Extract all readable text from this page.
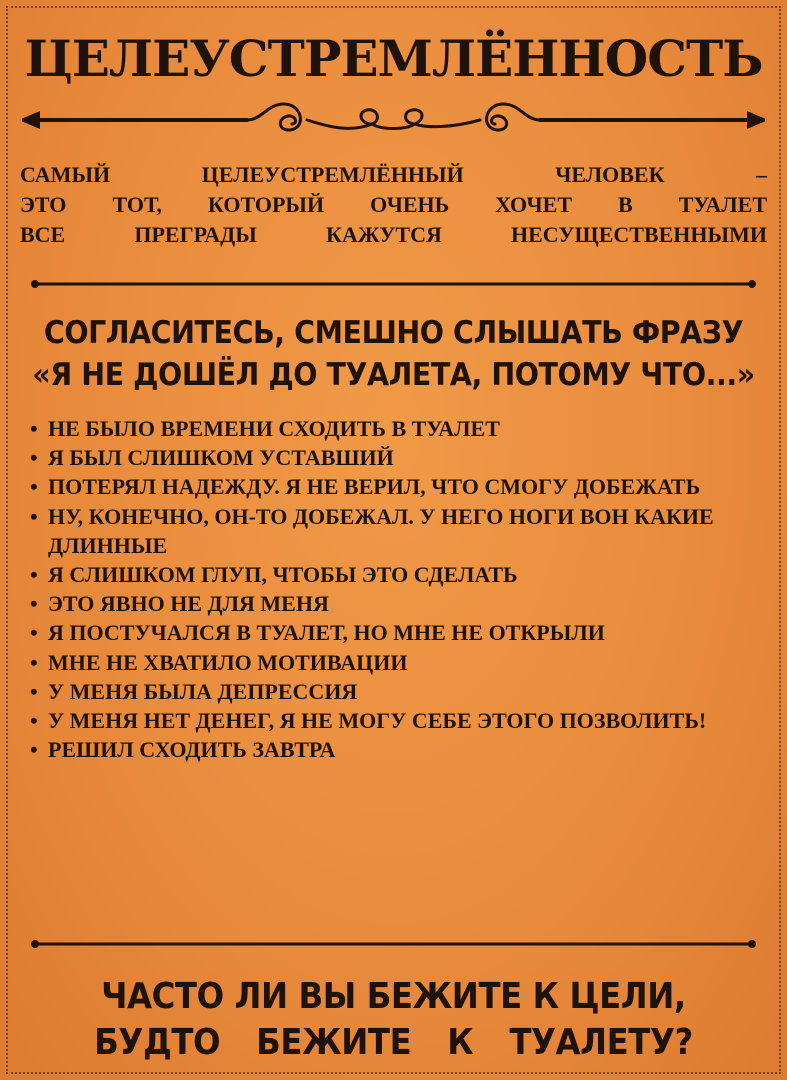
ЦЕЛЕУСТРЕМЛЁННОСТЬ
САМЫЙ ЦЕЛЕУСТРЕМЛЁННЫЙ ЧЕЛОВЕК –
ЭТО ТОТ, КОТОРЫЙ ОЧЕНЬ ХОЧЕТ В ТУАЛЕТ
ВСЕ ПРЕГРАДЫ КАЖУТСЯ НЕСУЩЕСТВЕННЫМИ
СОГЛАСИТЕСЬ, СМЕШНО СЛЫШАТЬ ФРАЗУ
«Я НЕ ДОШЁЛ ДО ТУАЛЕТА, ПОТОМУ ЧТО...»
• НЕ БЫЛО ВРЕМЕНИ СХОДИТЬ В ТУАЛЕТ
• Я БЫЛ СЛИШКОМ УСТАВШИЙ
• ПОТЕРЯЛ НАДЕЖДУ. Я НЕ ВЕРИЛ, ЧТО СМОГУ ДОБЕЖАТЬ
• НУ, КОНЕЧНО, ОН-ТО ДОБЕЖАЛ. У НЕГО НОГИ ВОН КАКИЕ ДЛИННЫЕ
• Я СЛИШКОМ ГЛУП, ЧТОБЫ ЭТО СДЕЛАТЬ
• ЭТО ЯВНО НЕ ДЛЯ МЕНЯ
• Я ПОСТУЧАЛСЯ В ТУАЛЕТ, НО МНЕ НЕ ОТКРЫЛИ
• МНЕ НЕ ХВАТИЛО МОТИВАЦИИ
• У МЕНЯ БЫЛА ДЕПРЕССИЯ
• У МЕНЯ НЕТ ДЕНЕГ, Я НЕ МОГУ СЕБЕ ЭТОГО ПОЗВОЛИТЬ!
• РЕШИЛ СХОДИТЬ ЗАВТРА
ЧАСТО ЛИ ВЫ БЕЖИТЕ К ЦЕЛИ,
БУДТО БЕЖИТЕ К ТУАЛЕТУ?
